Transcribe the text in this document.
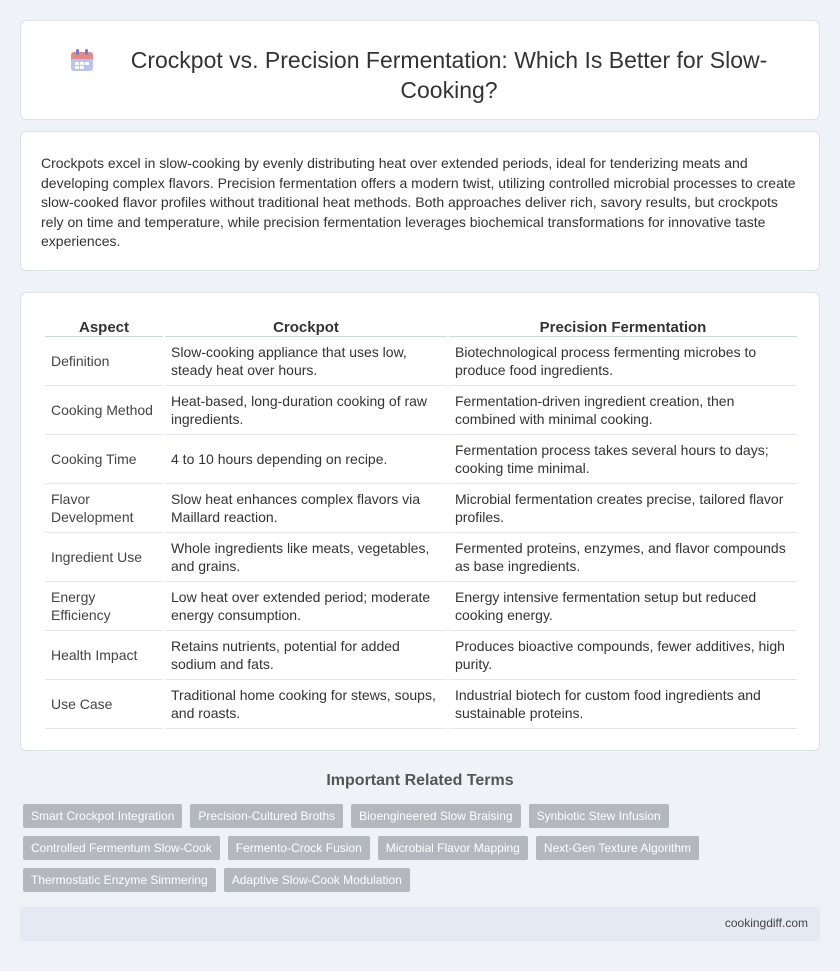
Crockpot vs. Precision Fermentation: Which Is Better for Slow-Cooking?

Crockpots excel in slow-cooking by evenly distributing heat over extended periods, ideal for tenderizing meats and developing complex flavors. Precision fermentation offers a modern twist, utilizing controlled microbial processes to create slow-cooked flavor profiles without traditional heat methods. Both approaches deliver rich, savory results, but crockpots rely on time and temperature, while precision fermentation leverages biochemical transformations for innovative taste experiences.

Aspect	Crockpot	Precision Fermentation
Definition	Slow-cooking appliance that uses low, steady heat over hours.	Biotechnological process fermenting microbes to produce food ingredients.
Cooking Method	Heat-based, long-duration cooking of raw ingredients.	Fermentation-driven ingredient creation, then combined with minimal cooking.
Cooking Time	4 to 10 hours depending on recipe.	Fermentation process takes several hours to days; cooking time minimal.
Flavor Development	Slow heat enhances complex flavors via Maillard reaction.	Microbial fermentation creates precise, tailored flavor profiles.
Ingredient Use	Whole ingredients like meats, vegetables, and grains.	Fermented proteins, enzymes, and flavor compounds as base ingredients.
Energy Efficiency	Low heat over extended period; moderate energy consumption.	Energy intensive fermentation setup but reduced cooking energy.
Health Impact	Retains nutrients, potential for added sodium and fats.	Produces bioactive compounds, fewer additives, high purity.
Use Case	Traditional home cooking for stews, soups, and roasts.	Industrial biotech for custom food ingredients and sustainable proteins.
Important Related Terms
Smart Crockpot Integration	Precision-Cultured Broths	Bioengineered Slow Braising	Synbiotic Stew Infusion
Controlled Fermentum Slow-Cook	Fermento-Crock Fusion	Microbial Flavor Mapping	Next-Gen Texture Algorithm
Thermostatic Enzyme Simmering	Adaptive Slow-Cook Modulation
cookingdiff.com
